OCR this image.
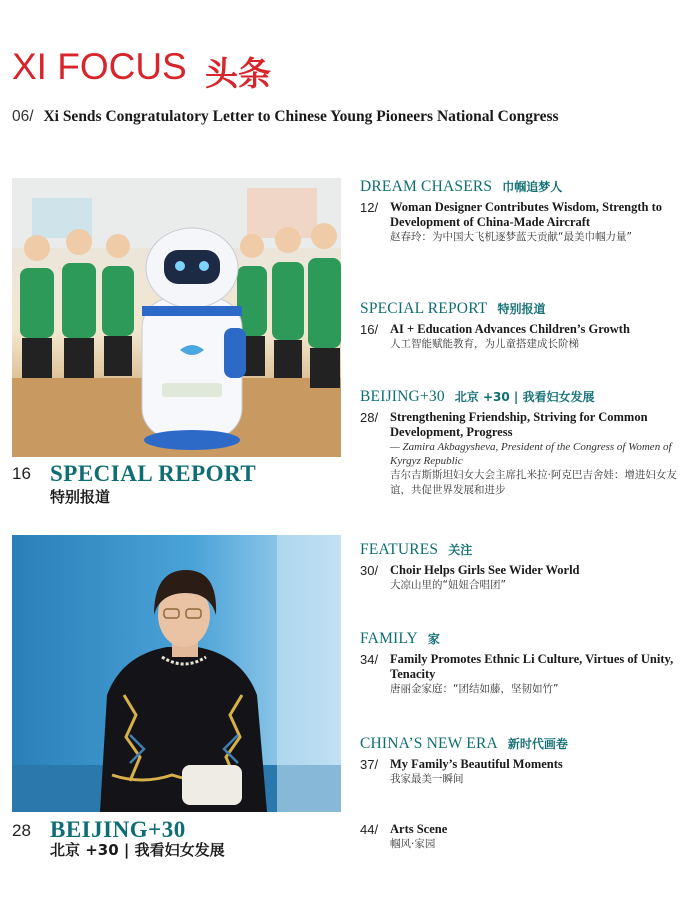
XI FOCUS 头条
06/ Xi Sends Congratulatory Letter to Chinese Young Pioneers National Congress
16 SPECIAL REPORT
特别报道
28 BEIJING+30
北京 +30 | 我看妇女发展
DREAM CHASERS 巾帼追梦人
12/ Woman Designer Contributes Wisdom, Strength to Development of China-Made Aircraft
赵春玲：为中国大飞机逐梦蓝天贡献“最美巾帼力量”
SPECIAL REPORT 特别报道
16/ AI + Education Advances Children’s Growth
人工智能赋能教育，为儿童搭建成长阶梯
BEIJING+30 北京 +30 | 我看妇女发展
28/ Strengthening Friendship, Striving for Common Development, Progress
— Zamira Akbagysheva, President of the Congress of Women of Kyrgyz Republic
吉尔吉斯斯坦妇女大会主席扎米拉·阿克巴吉舍娃：增进妇女友谊，共促世界发展和进步
FEATURES 关注
30/ Choir Helps Girls See Wider World
大凉山里的“妞妞合唱团”
FAMILY 家
34/ Family Promotes Ethnic Li Culture, Virtues of Unity, Tenacity
唐丽金家庭：“团结如藤，坚韧如竹”
CHINA’S NEW ERA 新时代画卷
37/ My Family’s Beautiful Moments
我家最美一瞬间
44/ Arts Scene
帼风·家园
